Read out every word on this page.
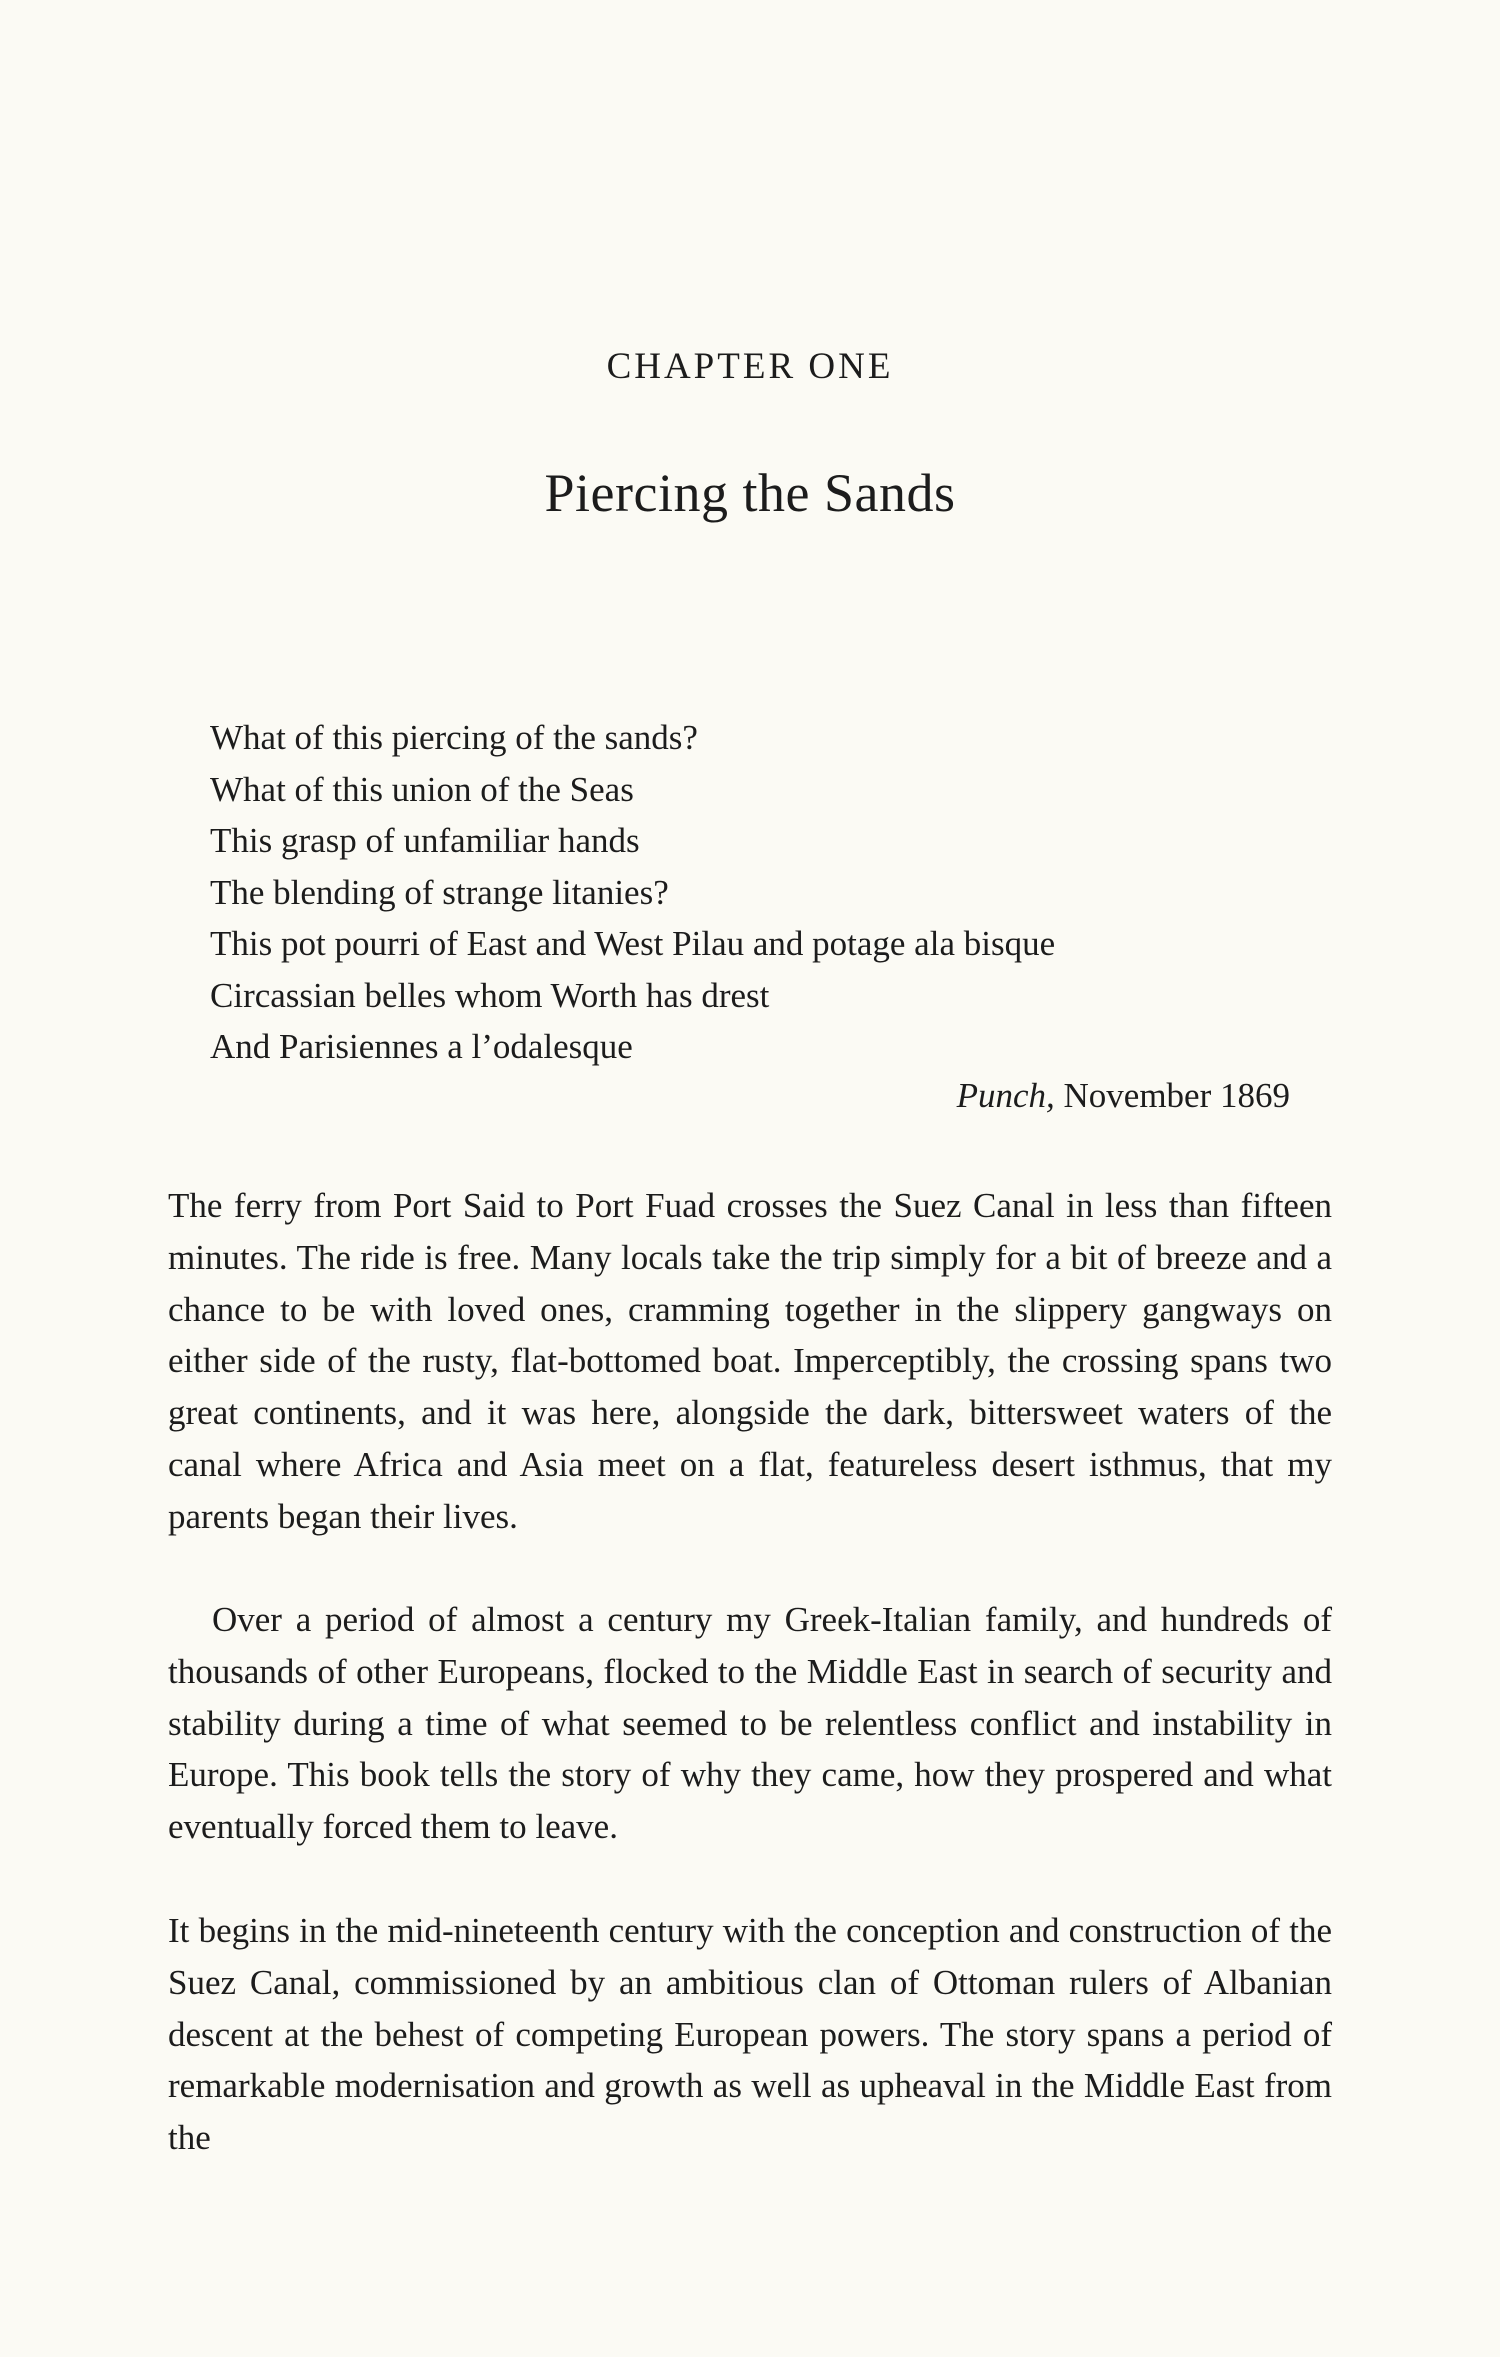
CHAPTER ONE
Piercing the Sands
What of this piercing of the sands?
What of this union of the Seas
This grasp of unfamiliar hands
The blending of strange litanies?
This pot pourri of East and West Pilau and potage ala bisque
Circassian belles whom Worth has drest
And Parisiennes a l’odalesque
Punch, November 1869

The ferry from Port Said to Port Fuad crosses the Suez Canal in less than fifteen minutes. The ride is free. Many locals take the trip simply for a bit of breeze and a chance to be with loved ones, cramming together in the slippery gangways on either side of the rusty, flat-bottomed boat. Imperceptibly, the crossing spans two great continents, and it was here, alongside the dark, bittersweet waters of the canal where Africa and Asia meet on a flat, featureless desert isthmus, that my parents began their lives.

Over a period of almost a century my Greek-Italian family, and hundreds of thousands of other Europeans, flocked to the Middle East in search of security and stability during a time of what seemed to be relentless conflict and instability in Europe. This book tells the story of why they came, how they prospered and what eventually forced them to leave.

It begins in the mid-nineteenth century with the conception and construction of the Suez Canal, commissioned by an ambitious clan of Ottoman rulers of Albanian descent at the behest of competing European powers. The story spans a period of remarkable modernisation and growth as well as upheaval in the Middle East from the
